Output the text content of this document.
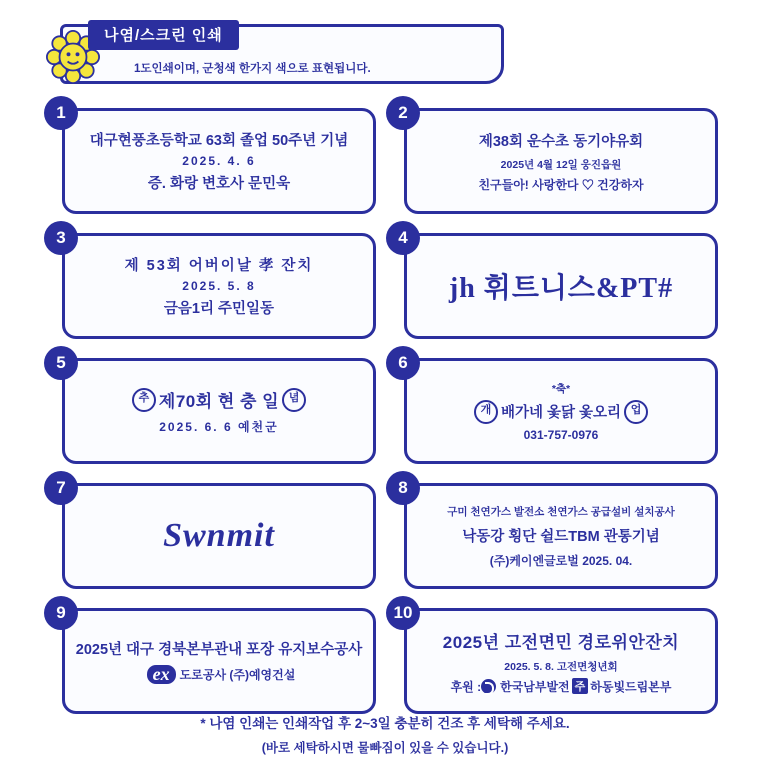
나염/스크린 인쇄
1도인쇄이며, 군청색 한가지 색으로 표현됩니다.
1
대구현풍초등학교 63회 졸업 50주년 기념
2025. 4. 6
증. 화랑 변호사 문민욱
2
제38회 운수초 동기야유회
2025년 4월 12일 웅진읍원
친구들아! 사랑한다 ♡ 건강하자
3
제 53회 어버이날 孝 잔치
2025. 5. 8
금음1리 주민일동
4
jh 휘트니스&PT#
5
추 제70회 현 충 일 념
2025. 6. 6 예천군
6
*축*
개 배가네 옻닭 옻오리 업
031-757-0976
7
Swnmit
8
구미 천연가스 발전소 천연가스 공급설비 설치공사
낙동강 횡단 쉴드TBM 관통기념
(주)케이엔글로벌 2025. 04.
9
2025년 대구 경북본부관내 포장 유지보수공사
ex 도로공사 (주)예영건설
10
2025년 고전면민 경로위안잔치
2025. 5. 8. 고전면청년회
후원 : 한국남부발전 주 하동빛드림본부
* 나염 인쇄는 인쇄작업 후 2~3일 충분히 건조 후 세탁해 주세요.
(바로 세탁하시면 물빠짐이 있을 수 있습니다.)
